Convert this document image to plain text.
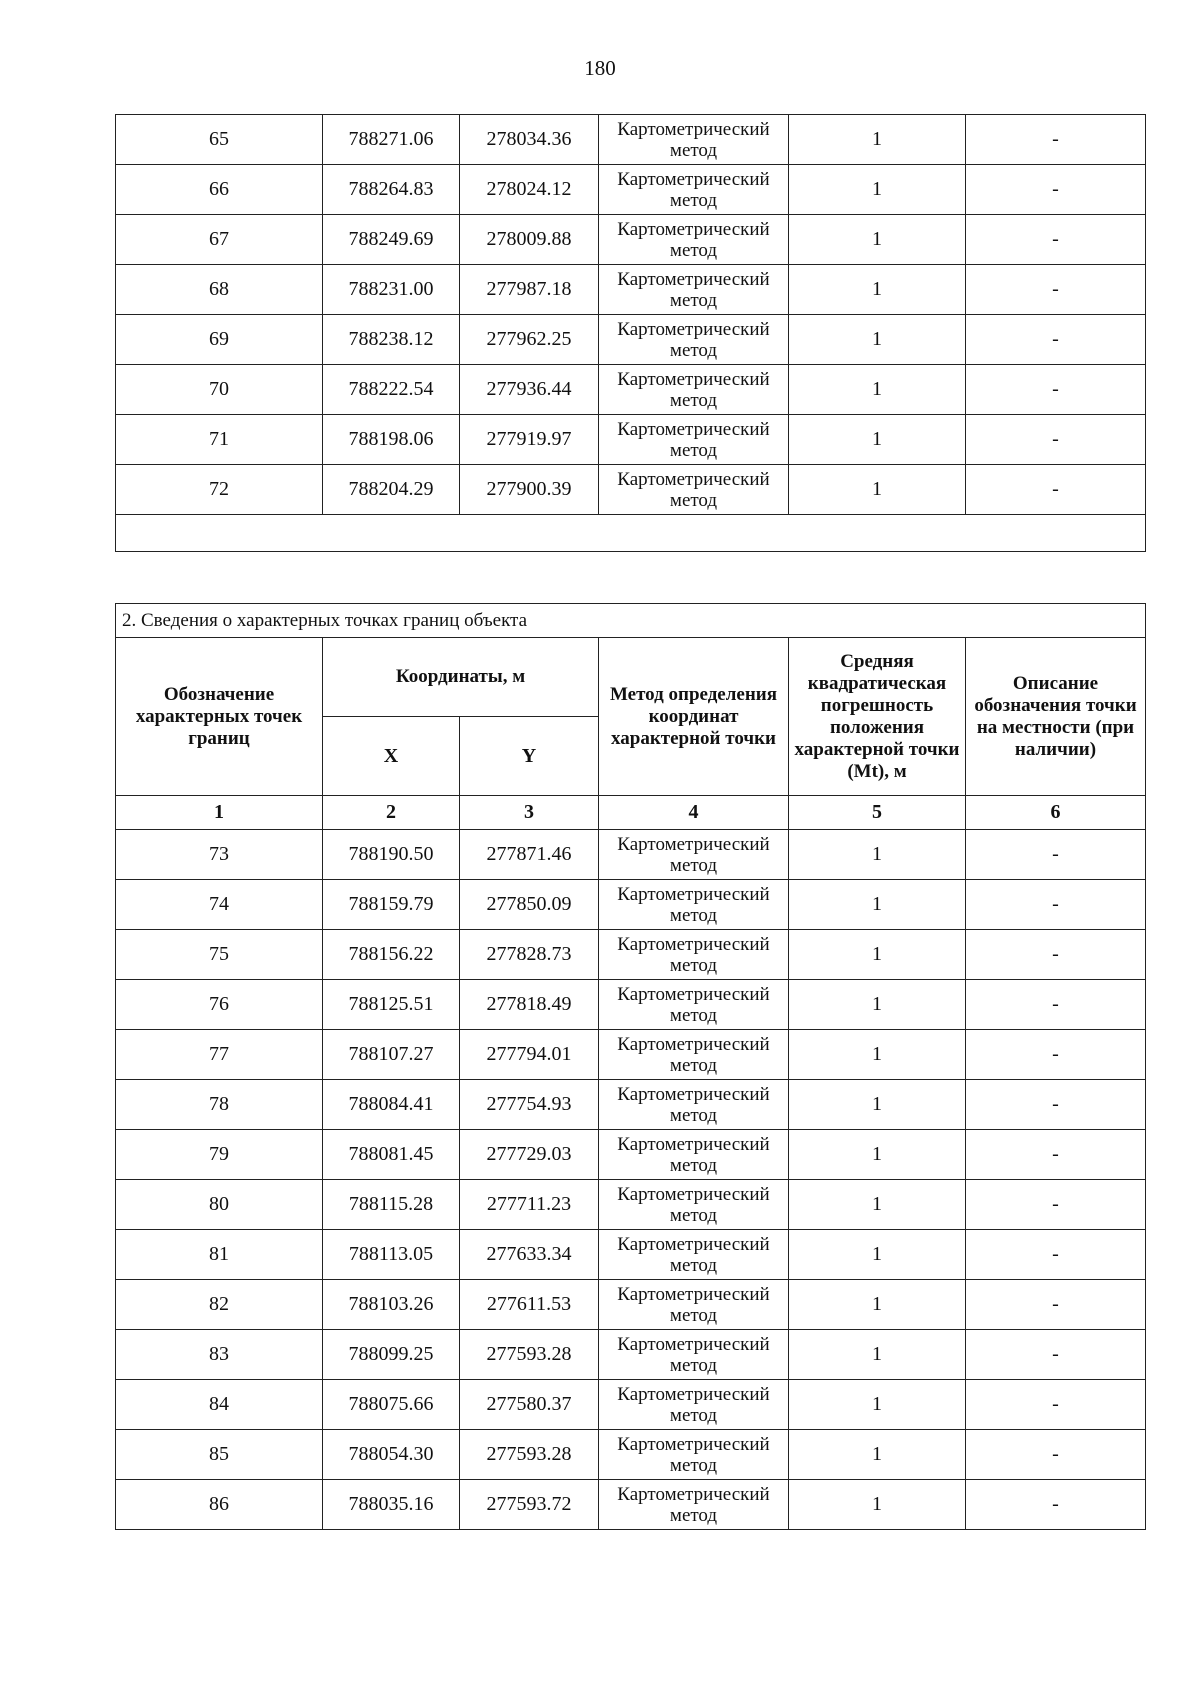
180
65	788271.06	278034.36	Картометрический метод	1	-
66	788264.83	278024.12	Картометрический метод	1	-
67	788249.69	278009.88	Картометрический метод	1	-
68	788231.00	277987.18	Картометрический метод	1	-
69	788238.12	277962.25	Картометрический метод	1	-
70	788222.54	277936.44	Картометрический метод	1	-
71	788198.06	277919.97	Картометрический метод	1	-
72	788204.29	277900.39	Картометрический метод	1	-

2. Сведения о характерных точках границ объекта					
Обозначение характерных точек границ	Координаты, м		Метод определения координат характерной точки	Средняя квадратическая погрешность положения характерной точки (Mt), м	Описание обозначения точки на местности (при наличии)
	X	Y			
1	2	3	4	5	6
73	788190.50	277871.46	Картометрический метод	1	-
74	788159.79	277850.09	Картометрический метод	1	-
75	788156.22	277828.73	Картометрический метод	1	-
76	788125.51	277818.49	Картометрический метод	1	-
77	788107.27	277794.01	Картометрический метод	1	-
78	788084.41	277754.93	Картометрический метод	1	-
79	788081.45	277729.03	Картометрический метод	1	-
80	788115.28	277711.23	Картометрический метод	1	-
81	788113.05	277633.34	Картометрический метод	1	-
82	788103.26	277611.53	Картометрический метод	1	-
83	788099.25	277593.28	Картометрический метод	1	-
84	788075.66	277580.37	Картометрический метод	1	-
85	788054.30	277593.28	Картометрический метод	1	-
86	788035.16	277593.72	Картометрический метод	1	-
